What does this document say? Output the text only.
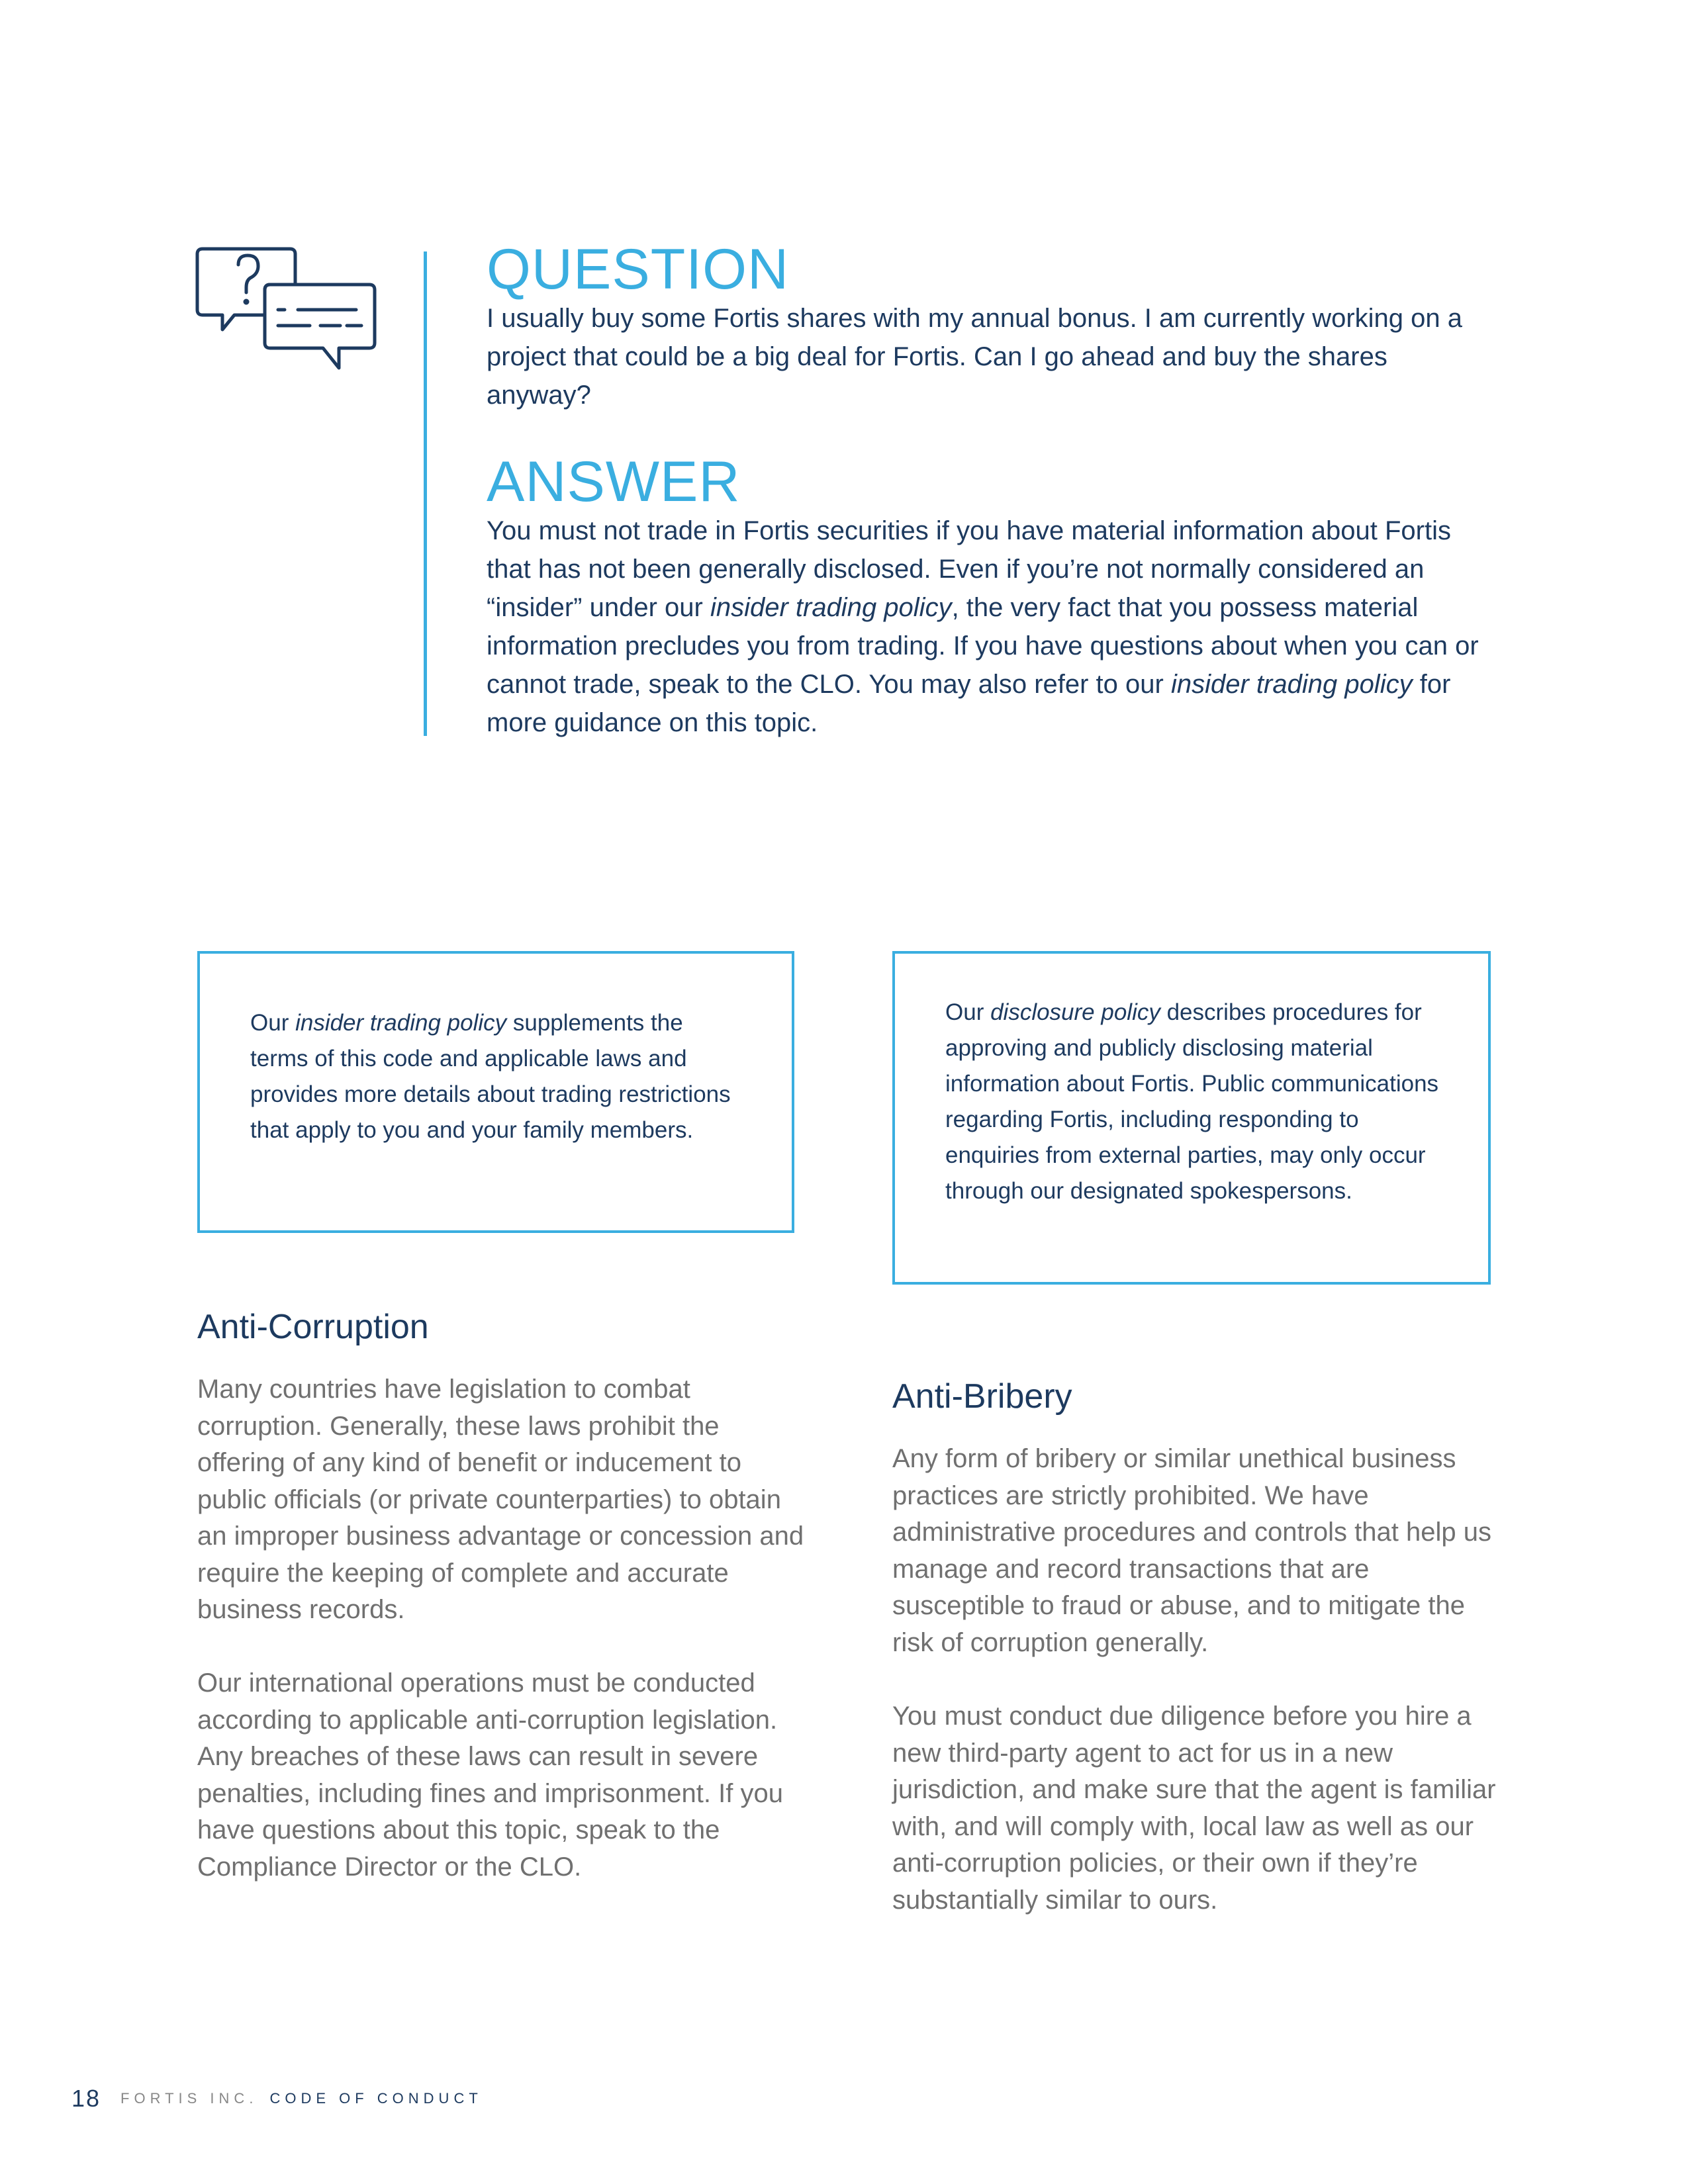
QUESTION

I usually buy some Fortis shares with my annual bonus. I am currently working on a project that could be a big deal for Fortis. Can I go ahead and buy the shares anyway?

ANSWER

You must not trade in Fortis securities if you have material information about Fortis that has not been generally disclosed. Even if you’re not normally considered an “insider” under our insider trading policy, the very fact that you possess material information precludes you from trading. If you have questions about when you can or cannot trade, speak to the CLO. You may also refer to our insider trading policy for more guidance on this topic.

Our insider trading policy supplements the terms of this code and applicable laws and provides more details about trading restrictions that apply to you and your family members.

Our disclosure policy describes procedures for approving and publicly disclosing material information about Fortis. Public communications regarding Fortis, including responding to enquiries from external parties, may only occur through our designated spokespersons.

Anti-Corruption

Many countries have legislation to combat corruption. Generally, these laws prohibit the offering of any kind of benefit or inducement to public officials (or private counterparties) to obtain an improper business advantage or concession and require the keeping of complete and accurate business records.

Our international operations must be conducted according to applicable anti-corruption legislation. Any breaches of these laws can result in severe penalties, including fines and imprisonment. If you have questions about this topic, speak to the Compliance Director or the CLO.

Anti-Bribery

Any form of bribery or similar unethical business practices are strictly prohibited. We have administrative procedures and controls that help us manage and record transactions that are susceptible to fraud or abuse, and to mitigate the risk of corruption generally.

You must conduct due diligence before you hire a new third-party agent to act for us in a new jurisdiction, and make sure that the agent is familiar with, and will comply with, local law as well as our anti-corruption policies, or their own if they’re substantially similar to ours.

18 FORTIS INC. CODE OF CONDUCT
